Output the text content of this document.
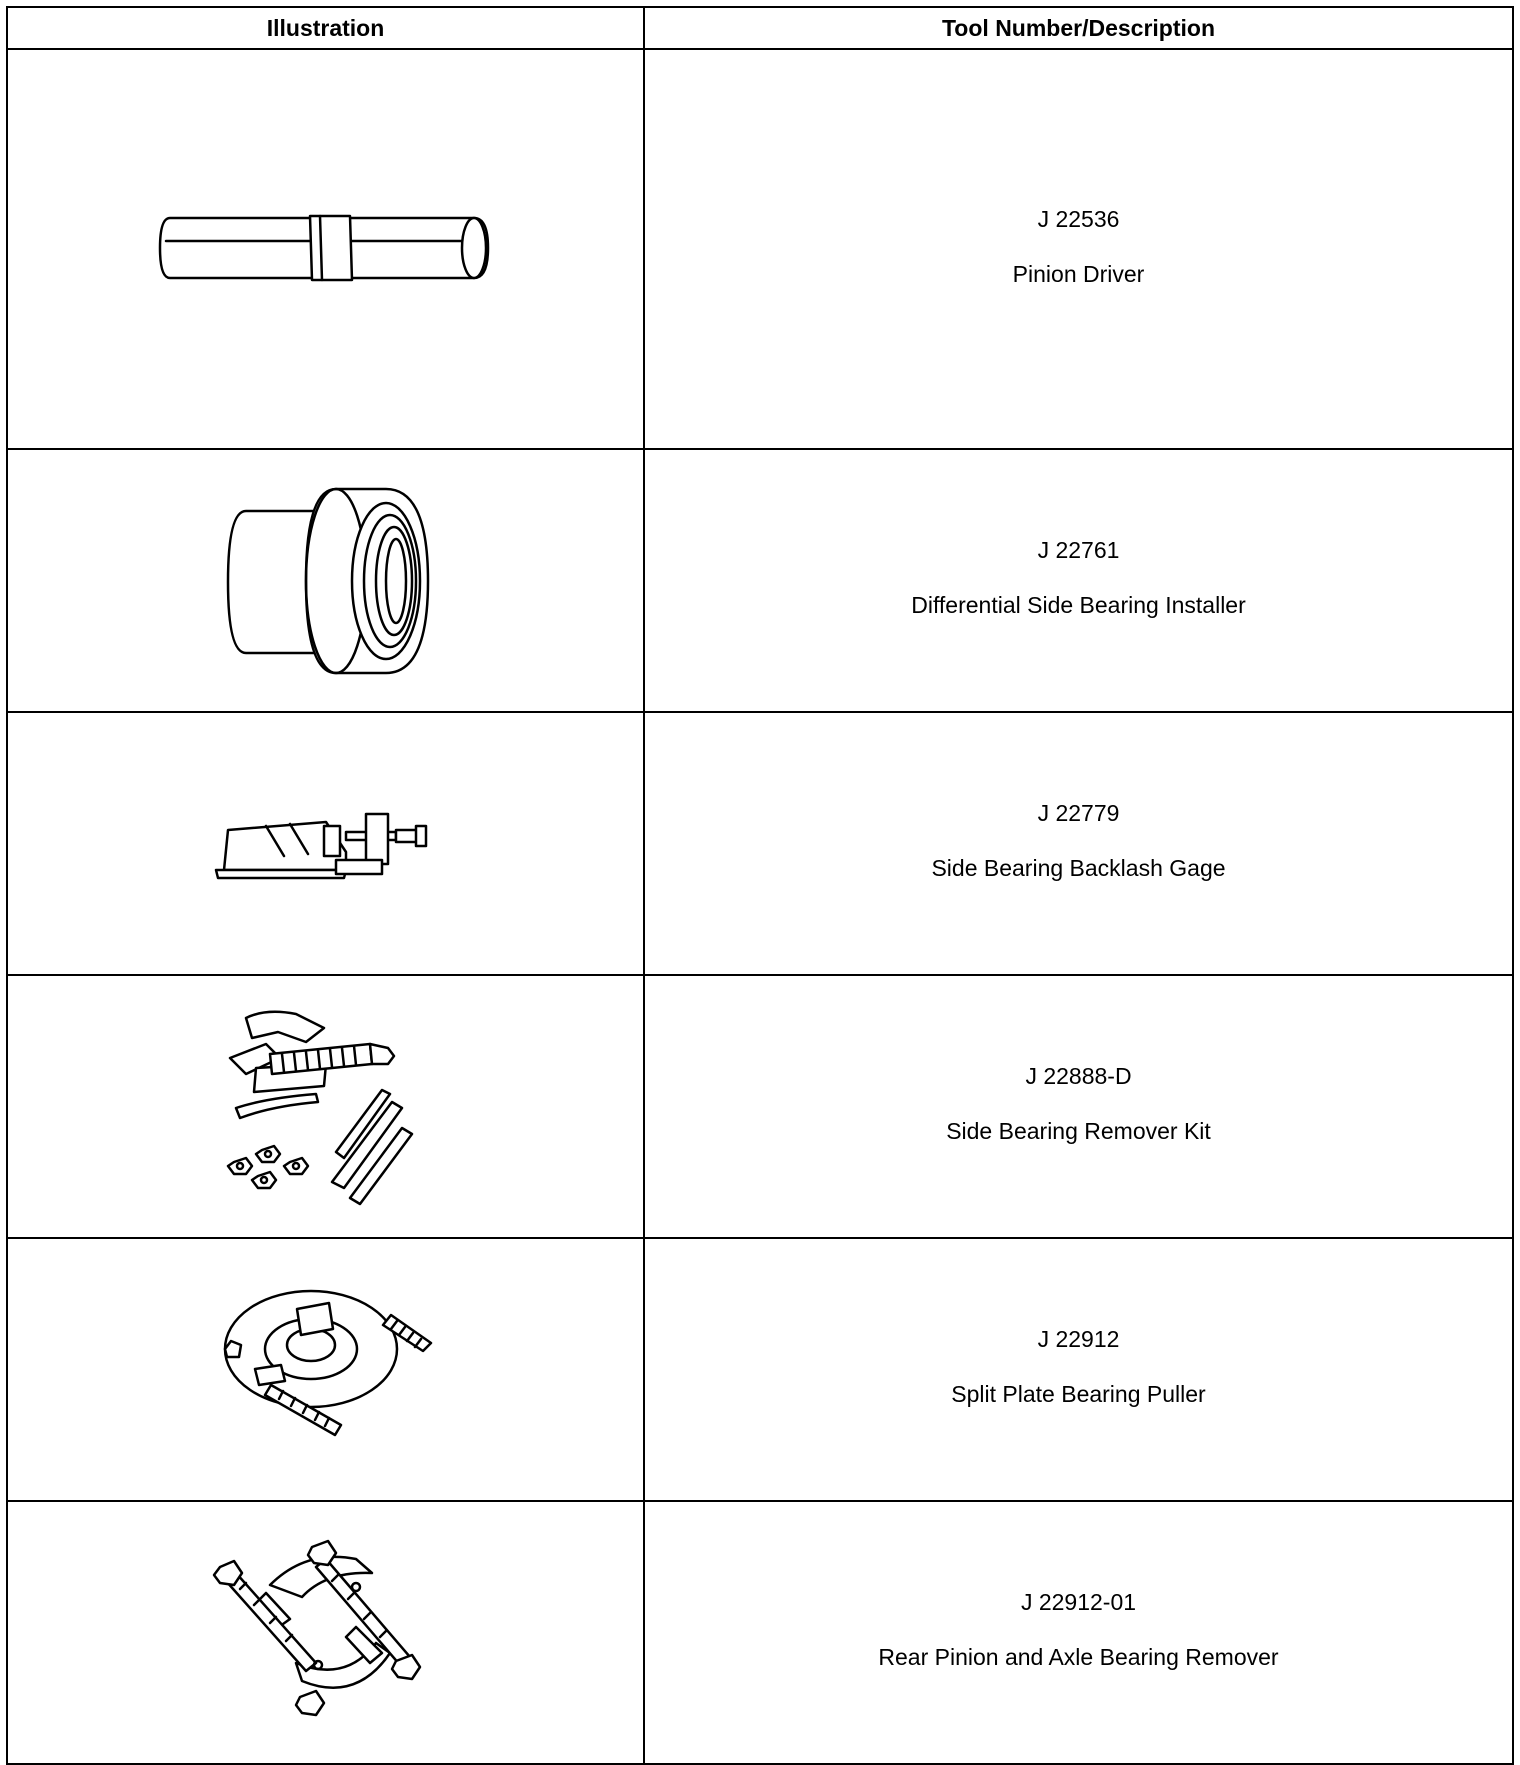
Illustration	Tool Number/Description

J 22536
Pinion Driver

J 22761
Differential Side Bearing Installer

J 22779
Side Bearing Backlash Gage

J 22888-D
Side Bearing Remover Kit

J 22912
Split Plate Bearing Puller

J 22912-01
Rear Pinion and Axle Bearing Remover
